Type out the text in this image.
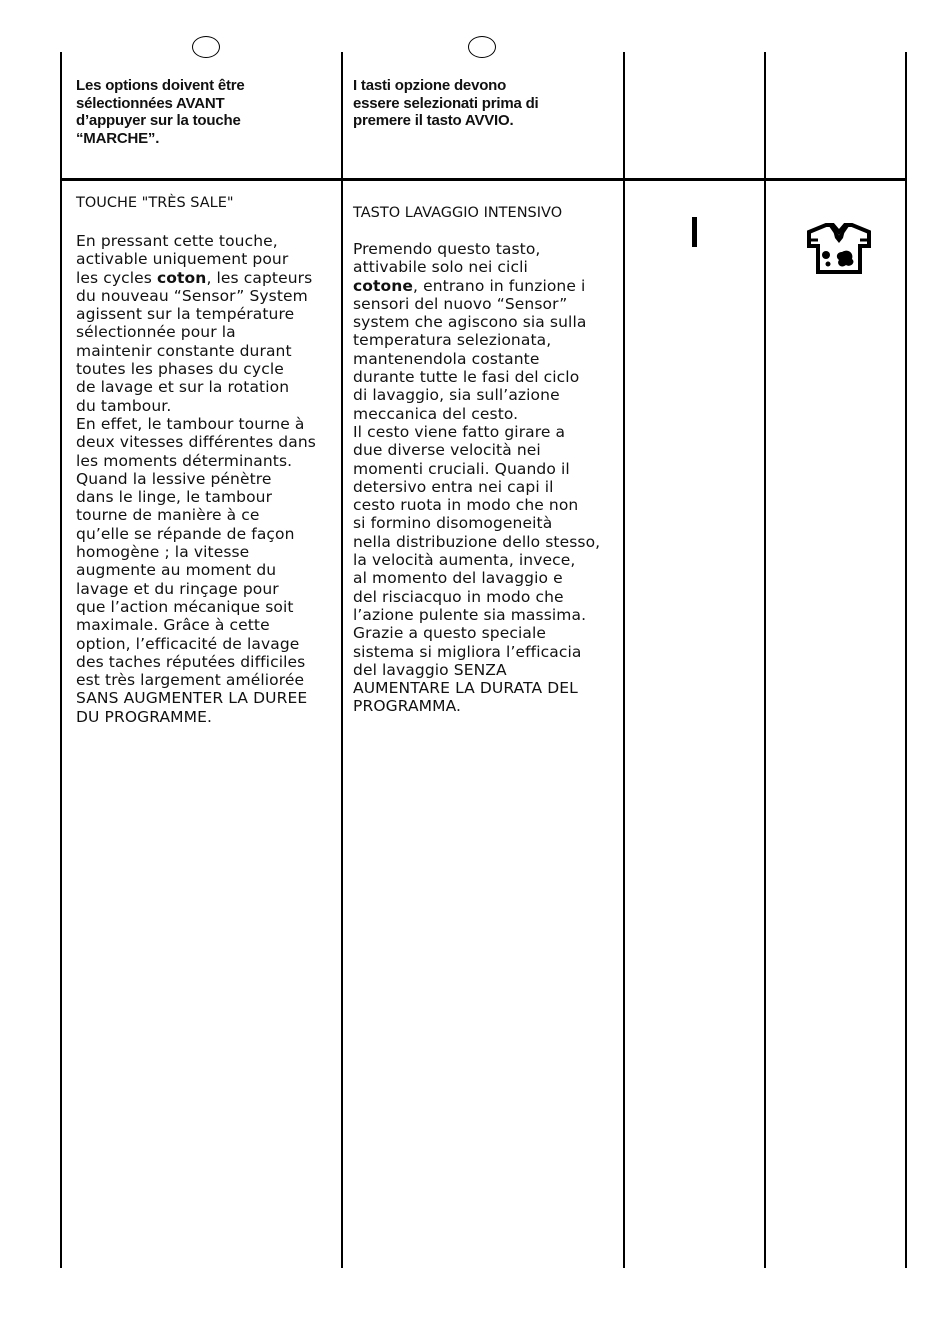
Les options doivent être
sélectionnées AVANT
d’appuyer sur la touche
“MARCHE”.
I tasti opzione devono
essere selezionati prima di
premere il tasto AVVIO.
TOUCHE "TRÈS SALE"
En pressant cette touche,
activable uniquement pour
les cycles coton, les capteurs
du nouveau “Sensor” System
agissent sur la température
sélectionnée pour la
maintenir constante durant
toutes les phases du cycle
de lavage et sur la rotation
du tambour.
En effet, le tambour tourne à
deux vitesses différentes dans
les moments déterminants.
Quand la lessive pénètre
dans le linge, le tambour
tourne de manière à ce
qu’elle se répande de façon
homogène ; la vitesse
augmente au moment du
lavage et du rinçage pour
que l’action mécanique soit
maximale. Grâce à cette
option, l’efficacité de lavage
des taches réputées difficiles
est très largement améliorée
SANS AUGMENTER LA DUREE
DU PROGRAMME.
TASTO LAVAGGIO INTENSIVO
Premendo questo tasto,
attivabile solo nei cicli
cotone, entrano in funzione i
sensori del nuovo “Sensor”
system che agiscono sia sulla
temperatura selezionata,
mantenendola costante
durante tutte le fasi del ciclo
di lavaggio, sia sull’azione
meccanica del cesto.
Il cesto viene fatto girare a
due diverse velocità nei
momenti cruciali. Quando il
detersivo entra nei capi il
cesto ruota in modo che non
si formino disomogeneità
nella distribuzione dello stesso,
la velocità aumenta, invece,
al momento del lavaggio e
del risciacquo in modo che
l’azione pulente sia massima.
Grazie a questo speciale
sistema si migliora l’efficacia
del lavaggio SENZA
AUMENTARE LA DURATA DEL
PROGRAMMA.
